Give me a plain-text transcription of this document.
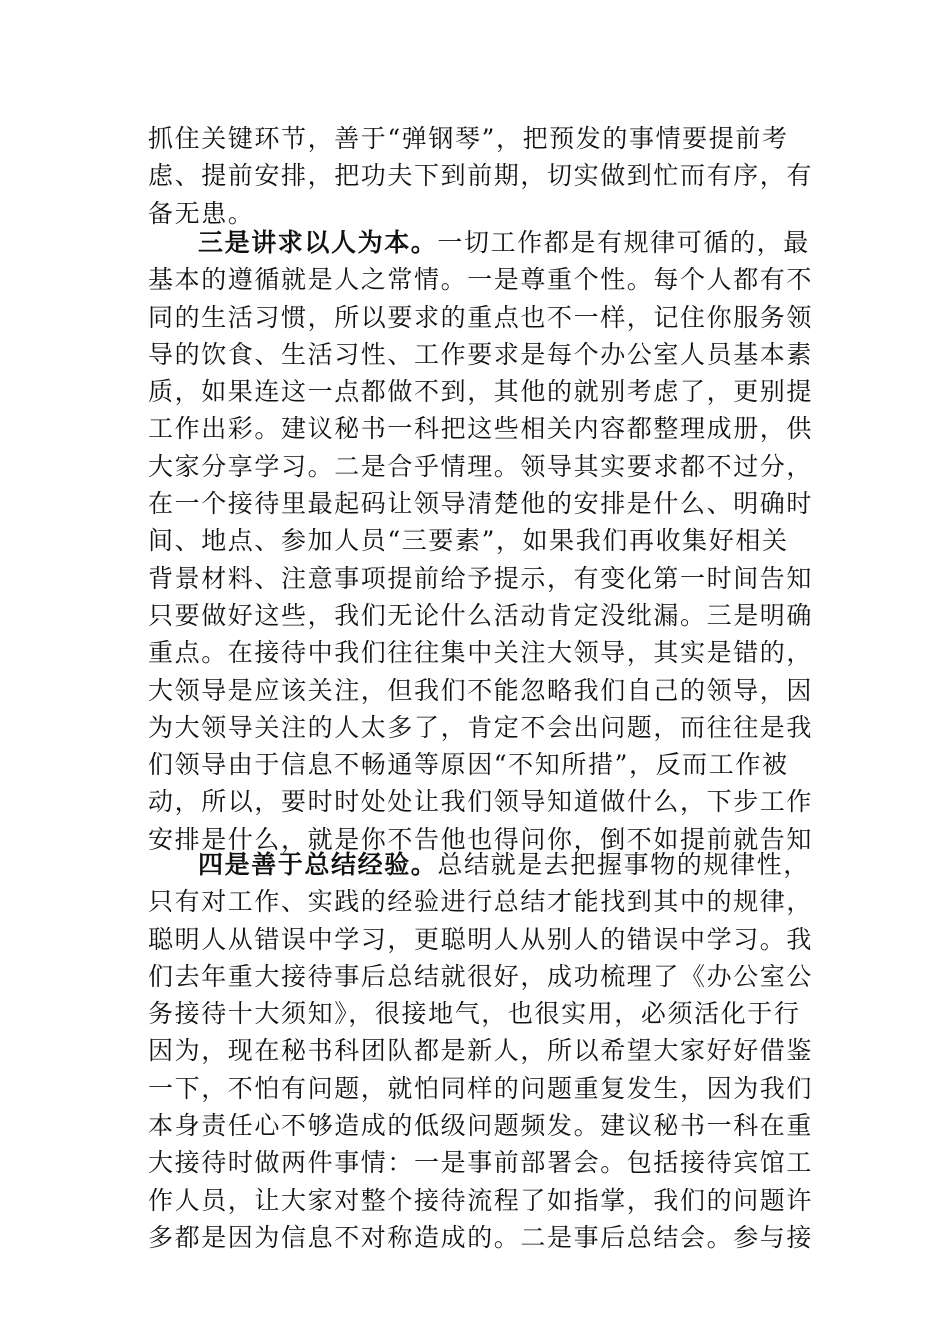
抓住关键环节，善于“弹钢琴”，把预发的事情要提前考
虑、提前安排，把功夫下到前期，切实做到忙而有序，有
备无患。
三是讲求以人为本。一切工作都是有规律可循的，最
基本的遵循就是人之常情。一是尊重个性。每个人都有不
同的生活习惯，所以要求的重点也不一样，记住你服务领
导的饮食、生活习性、工作要求是每个办公室人员基本素
质，如果连这一点都做不到，其他的就别考虑了，更别提
工作出彩。建议秘书一科把这些相关内容都整理成册，供
大家分享学习。二是合乎情理。领导其实要求都不过分，
在一个接待里最起码让领导清楚他的安排是什么、明确时
间、地点、参加人员“三要素”，如果我们再收集好相关
背景材料、注意事项提前给予提示，有变化第一时间告知
只要做好这些，我们无论什么活动肯定没纰漏。三是明确
重点。在接待中我们往往集中关注大领导，其实是错的，
大领导是应该关注，但我们不能忽略我们自己的领导，因
为大领导关注的人太多了，肯定不会出问题，而往往是我
们领导由于信息不畅通等原因“不知所措”，反而工作被
动，所以，要时时处处让我们领导知道做什么，下步工作
安排是什么，就是你不告他也得问你，倒不如提前就告知
四是善于总结经验。总结就是去把握事物的规律性，
只有对工作、实践的经验进行总结才能找到其中的规律，
聪明人从错误中学习，更聪明人从别人的错误中学习。我
们去年重大接待事后总结就很好，成功梳理了《办公室公
务接待十大须知》，很接地气，也很实用，必须活化于行
因为，现在秘书科团队都是新人，所以希望大家好好借鉴
一下，不怕有问题，就怕同样的问题重复发生，因为我们
本身责任心不够造成的低级问题频发。建议秘书一科在重
大接待时做两件事情：一是事前部署会。包括接待宾馆工
作人员，让大家对整个接待流程了如指掌，我们的问题许
多都是因为信息不对称造成的。二是事后总结会。参与接
